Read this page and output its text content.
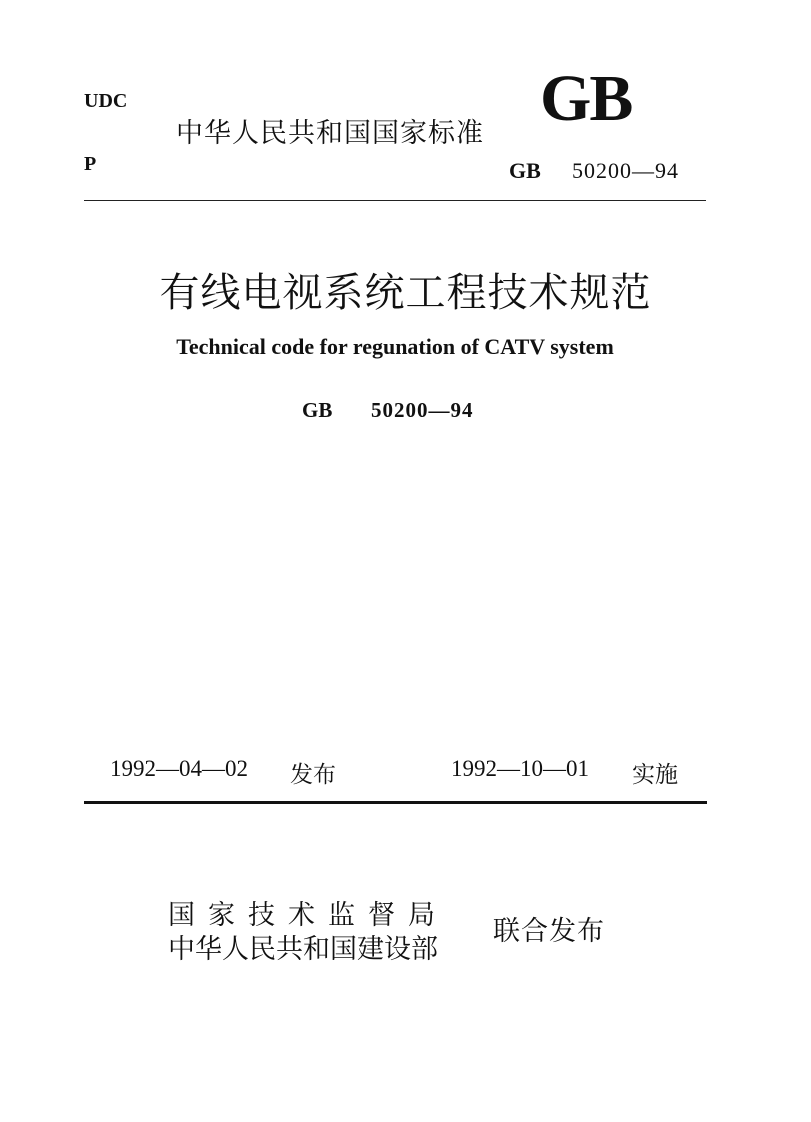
UDC
P
中华人民共和国国家标准 GB
GB 50200—94
有线电视系统工程技术规范
Technical code for regunation of CATV system
GB 50200—94
1992—04—02 发布	1992—10—01 实施
国家技术监督局
中华人民共和国建设部
联合发布
